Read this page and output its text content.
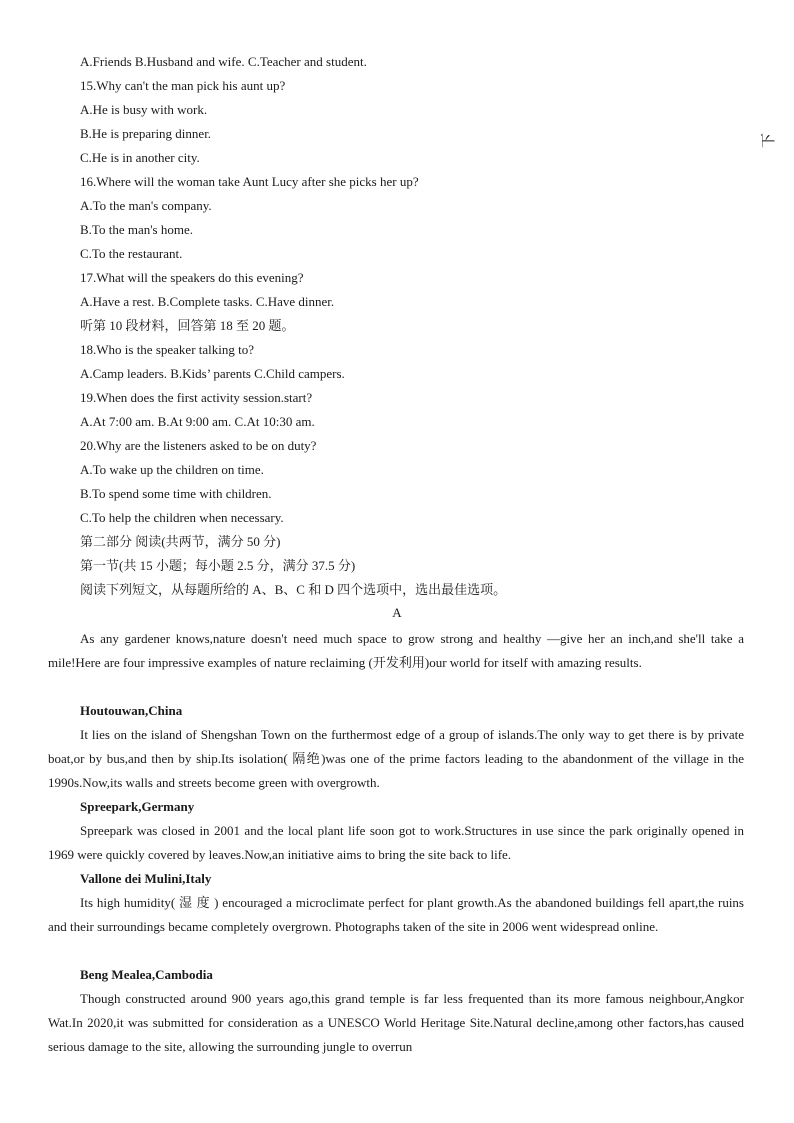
下
A.Friends B.Husband and wife. C.Teacher and student.
15.Why can't the man pick his aunt up?
A.He is busy with work.
B.He is preparing dinner.
C.He is in another city.
16.Where will the woman take Aunt Lucy after she picks her up?
A.To the man's company.
B.To the man's home.
C.To the restaurant.
17.What will the speakers do this evening?
A.Have a rest. B.Complete tasks. C.Have dinner.
听第 10 段材料，回答第 18 至 20 题。
18.Who is the speaker talking to?
A.Camp leaders. B.Kids’ parents C.Child campers.
19.When does the first activity session.start?
A.At 7:00 am. B.At 9:00 am. C.At 10:30 am.
20.Why are the listeners asked to be on duty?
A.To wake up the children on time.
B.To spend some time with children.
C.To help the children when necessary.
第二部分 阅读(共两节，满分 50 分)
第一节(共 15 小题；每小题 2.5 分，满分 37.5 分)
阅读下列短文，从每题所给的 A、B、C 和 D 四个选项中，选出最佳选项。
A

As any gardener knows,nature doesn't need much space to grow strong and healthy —give her an inch,and she'll take a mile!Here are four impressive examples of nature reclaiming (开发利用)our world for itself with amazing results.

Houtouwan,China

It lies on the island of Shengshan Town on the furthermost edge of a group of islands.The only way to get there is by private boat,or by bus,and then by ship.Its isolation( 隔绝)was one of the prime factors leading to the abandonment of the village in the 1990s.Now,its walls and streets become green with overgrowth.

Spreepark,Germany

Spreepark was closed in 2001 and the local plant life soon got to work.Structures in use since the park originally opened in 1969 were quickly covered by leaves.Now,an initiative aims to bring the site back to life.

Vallone dei Mulini,Italy

Its high humidity( 湿 度 ) encouraged a microclimate perfect for plant growth.As the abandoned buildings fell apart,the ruins and their surroundings became completely overgrown. Photographs taken of the site in 2006 went widespread online.

Beng Mealea,Cambodia

Though constructed around 900 years ago,this grand temple is far less frequented than its more famous neighbour,Angkor Wat.In 2020,it was submitted for consideration as a UNESCO World Heritage Site.Natural decline,among other factors,has caused serious damage to the site, allowing the surrounding jungle to overrun
